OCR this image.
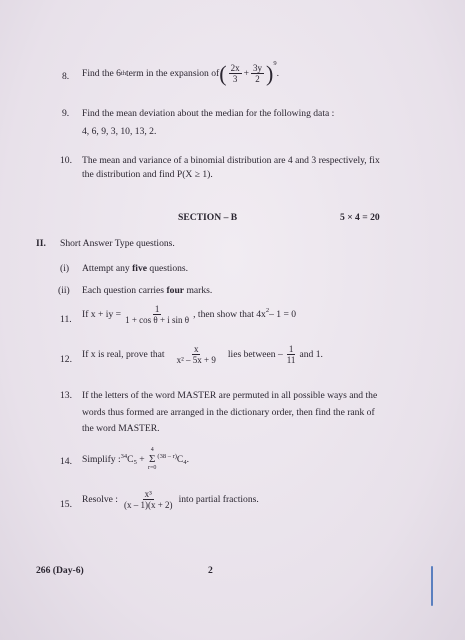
8. Find the 6 th term in the expansion of ( $\frac{2x}{3} + \frac{3y}{2} )^9$
.
9. Find the mean deviation about the median for the following data :
4, 6, 9, 3, 10, 13, 2.
10. The mean and variance of a binomial distribution are 4 and 3 respectively, fix
the distribution and find P(X ≥ 1).
SECTION – B	5 × 4 = 20
II. Short Answer Type questions.
(i) Attempt any five questions.
(ii) Each question carries four marks.
11. If x + iy = $\frac{1}{\text{1 + cos θ + i sin θ}}$ , then show that $4x^2 - 1 = 0$
12. If x is real, prove that $\frac{x}{\text{x² – 5x + 9}}$ lies between – $\frac{1}{11}$ and 1.
13. If the letters of the word MASTER are permuted in all possible ways and the
words thus formed are arranged in the dictionary order, then find the rank of
the word MASTER.
14. Simplify : $^{34}$ $C_5$ +
4
Σ
r=0
$^{(38 - r)}$ $C_4$ .
15. Resolve : $\frac{\text{x³}}{(x - 1)(x + 2)}$ into partial fractions.
266 (Day-6)	2
